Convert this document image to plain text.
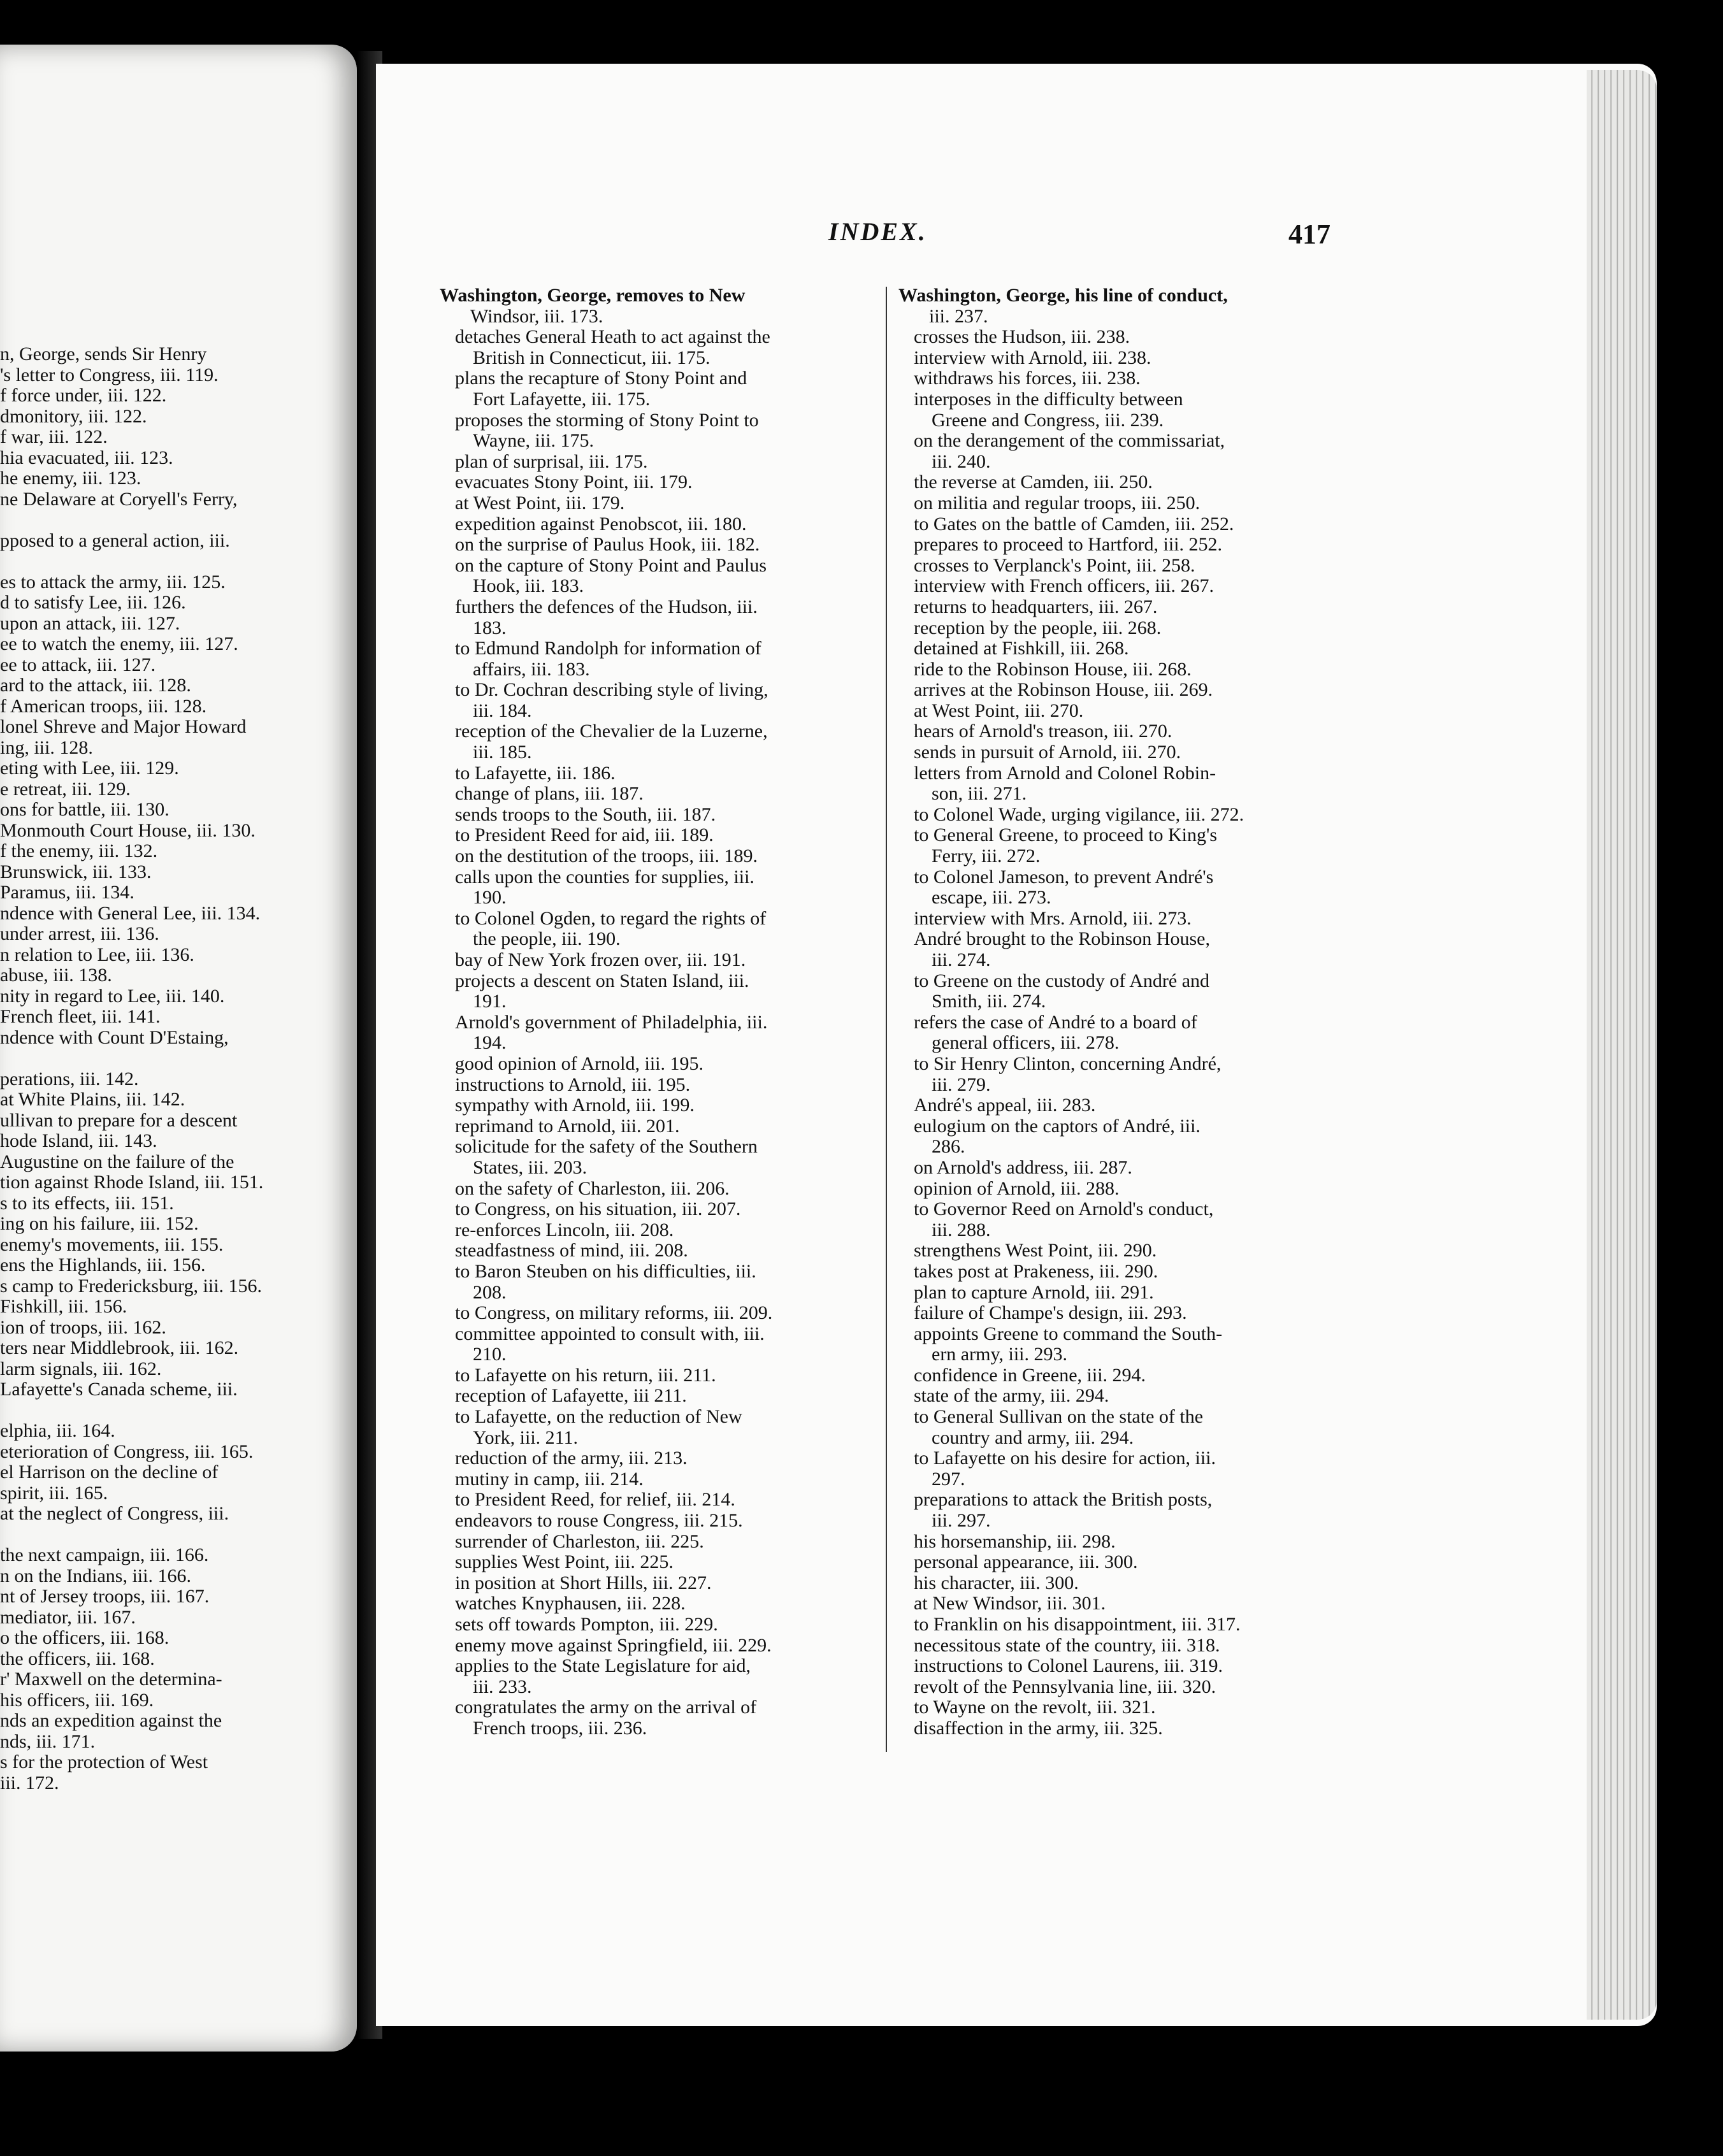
n, George, sends Sir Henry
's letter to Congress, iii. 119.
f force under, iii. 122.
dmonitory, iii. 122.
f war, iii. 122.
hia evacuated, iii. 123.
he enemy, iii. 123.
ne Delaware at Coryell's Ferry,
pposed to a general action, iii.
es to attack the army, iii. 125.
d to satisfy Lee, iii. 126.
upon an attack, iii. 127.
ee to watch the enemy, iii. 127.
ee to attack, iii. 127.
ard to the attack, iii. 128.
f American troops, iii. 128.
lonel Shreve and Major Howard
ing, iii. 128.
eting with Lee, iii. 129.
e retreat, iii. 129.
ons for battle, iii. 130.
Monmouth Court House, iii. 130.
f the enemy, iii. 132.
Brunswick, iii. 133.
Paramus, iii. 134.
ndence with General Lee, iii. 134.
under arrest, iii. 136.
n relation to Lee, iii. 136.
abuse, iii. 138.
nity in regard to Lee, iii. 140.
French fleet, iii. 141.
ndence with Count D'Estaing,
perations, iii. 142.
at White Plains, iii. 142.
ullivan to prepare for a descent
hode Island, iii. 143.
Augustine on the failure of the
tion against Rhode Island, iii. 151.
s to its effects, iii. 151.
ing on his failure, iii. 152.
enemy's movements, iii. 155.
ens the Highlands, iii. 156.
s camp to Fredericksburg, iii. 156.
Fishkill, iii. 156.
ion of troops, iii. 162.
ters near Middlebrook, iii. 162.
larm signals, iii. 162.
Lafayette's Canada scheme, iii.
elphia, iii. 164.
eterioration of Congress, iii. 165.
el Harrison on the decline of
spirit, iii. 165.
at the neglect of Congress, iii.
the next campaign, iii. 166.
n on the Indians, iii. 166.
nt of Jersey troops, iii. 167.
mediator, iii. 167.
o the officers, iii. 168.
the officers, iii. 168.
r' Maxwell on the determina-
his officers, iii. 169.
nds an expedition against the
nds, iii. 171.
s for the protection of West
iii. 172.
INDEX.	417
Washington, George, removes to New
Windsor, iii. 173.
detaches General Heath to act against the
British in Connecticut, iii. 175.
plans the recapture of Stony Point and
Fort Lafayette, iii. 175.
proposes the storming of Stony Point to
Wayne, iii. 175.
plan of surprisal, iii. 175.
evacuates Stony Point, iii. 179.
at West Point, iii. 179.
expedition against Penobscot, iii. 180.
on the surprise of Paulus Hook, iii. 182.
on the capture of Stony Point and Paulus
Hook, iii. 183.
furthers the defences of the Hudson, iii.
183.
to Edmund Randolph for information of
affairs, iii. 183.
to Dr. Cochran describing style of living,
iii. 184.
reception of the Chevalier de la Luzerne,
iii. 185.
to Lafayette, iii. 186.
change of plans, iii. 187.
sends troops to the South, iii. 187.
to President Reed for aid, iii. 189.
on the destitution of the troops, iii. 189.
calls upon the counties for supplies, iii.
190.
to Colonel Ogden, to regard the rights of
the people, iii. 190.
bay of New York frozen over, iii. 191.
projects a descent on Staten Island, iii.
191.
Arnold's government of Philadelphia, iii.
194.
good opinion of Arnold, iii. 195.
instructions to Arnold, iii. 195.
sympathy with Arnold, iii. 199.
reprimand to Arnold, iii. 201.
solicitude for the safety of the Southern
States, iii. 203.
on the safety of Charleston, iii. 206.
to Congress, on his situation, iii. 207.
re-enforces Lincoln, iii. 208.
steadfastness of mind, iii. 208.
to Baron Steuben on his difficulties, iii.
208.
to Congress, on military reforms, iii. 209.
committee appointed to consult with, iii.
210.
to Lafayette on his return, iii. 211.
reception of Lafayette, iii 211.
to Lafayette, on the reduction of New
York, iii. 211.
reduction of the army, iii. 213.
mutiny in camp, iii. 214.
to President Reed, for relief, iii. 214.
endeavors to rouse Congress, iii. 215.
surrender of Charleston, iii. 225.
supplies West Point, iii. 225.
in position at Short Hills, iii. 227.
watches Knyphausen, iii. 228.
sets off towards Pompton, iii. 229.
enemy move against Springfield, iii. 229.
applies to the State Legislature for aid,
iii. 233.
congratulates the army on the arrival of
French troops, iii. 236.
Washington, George, his line of conduct,
iii. 237.
crosses the Hudson, iii. 238.
interview with Arnold, iii. 238.
withdraws his forces, iii. 238.
interposes in the difficulty between
Greene and Congress, iii. 239.
on the derangement of the commissariat,
iii. 240.
the reverse at Camden, iii. 250.
on militia and regular troops, iii. 250.
to Gates on the battle of Camden, iii. 252.
prepares to proceed to Hartford, iii. 252.
crosses to Verplanck's Point, iii. 258.
interview with French officers, iii. 267.
returns to headquarters, iii. 267.
reception by the people, iii. 268.
detained at Fishkill, iii. 268.
ride to the Robinson House, iii. 268.
arrives at the Robinson House, iii. 269.
at West Point, iii. 270.
hears of Arnold's treason, iii. 270.
sends in pursuit of Arnold, iii. 270.
letters from Arnold and Colonel Robin-
son, iii. 271.
to Colonel Wade, urging vigilance, iii. 272.
to General Greene, to proceed to King's
Ferry, iii. 272.
to Colonel Jameson, to prevent André's
escape, iii. 273.
interview with Mrs. Arnold, iii. 273.
André brought to the Robinson House,
iii. 274.
to Greene on the custody of André and
Smith, iii. 274.
refers the case of André to a board of
general officers, iii. 278.
to Sir Henry Clinton, concerning André,
iii. 279.
André's appeal, iii. 283.
eulogium on the captors of André, iii.
286.
on Arnold's address, iii. 287.
opinion of Arnold, iii. 288.
to Governor Reed on Arnold's conduct,
iii. 288.
strengthens West Point, iii. 290.
takes post at Prakeness, iii. 290.
plan to capture Arnold, iii. 291.
failure of Champe's design, iii. 293.
appoints Greene to command the South-
ern army, iii. 293.
confidence in Greene, iii. 294.
state of the army, iii. 294.
to General Sullivan on the state of the
country and army, iii. 294.
to Lafayette on his desire for action, iii.
297.
preparations to attack the British posts,
iii. 297.
his horsemanship, iii. 298.
personal appearance, iii. 300.
his character, iii. 300.
at New Windsor, iii. 301.
to Franklin on his disappointment, iii. 317.
necessitous state of the country, iii. 318.
instructions to Colonel Laurens, iii. 319.
revolt of the Pennsylvania line, iii. 320.
to Wayne on the revolt, iii. 321.
disaffection in the army, iii. 325.
